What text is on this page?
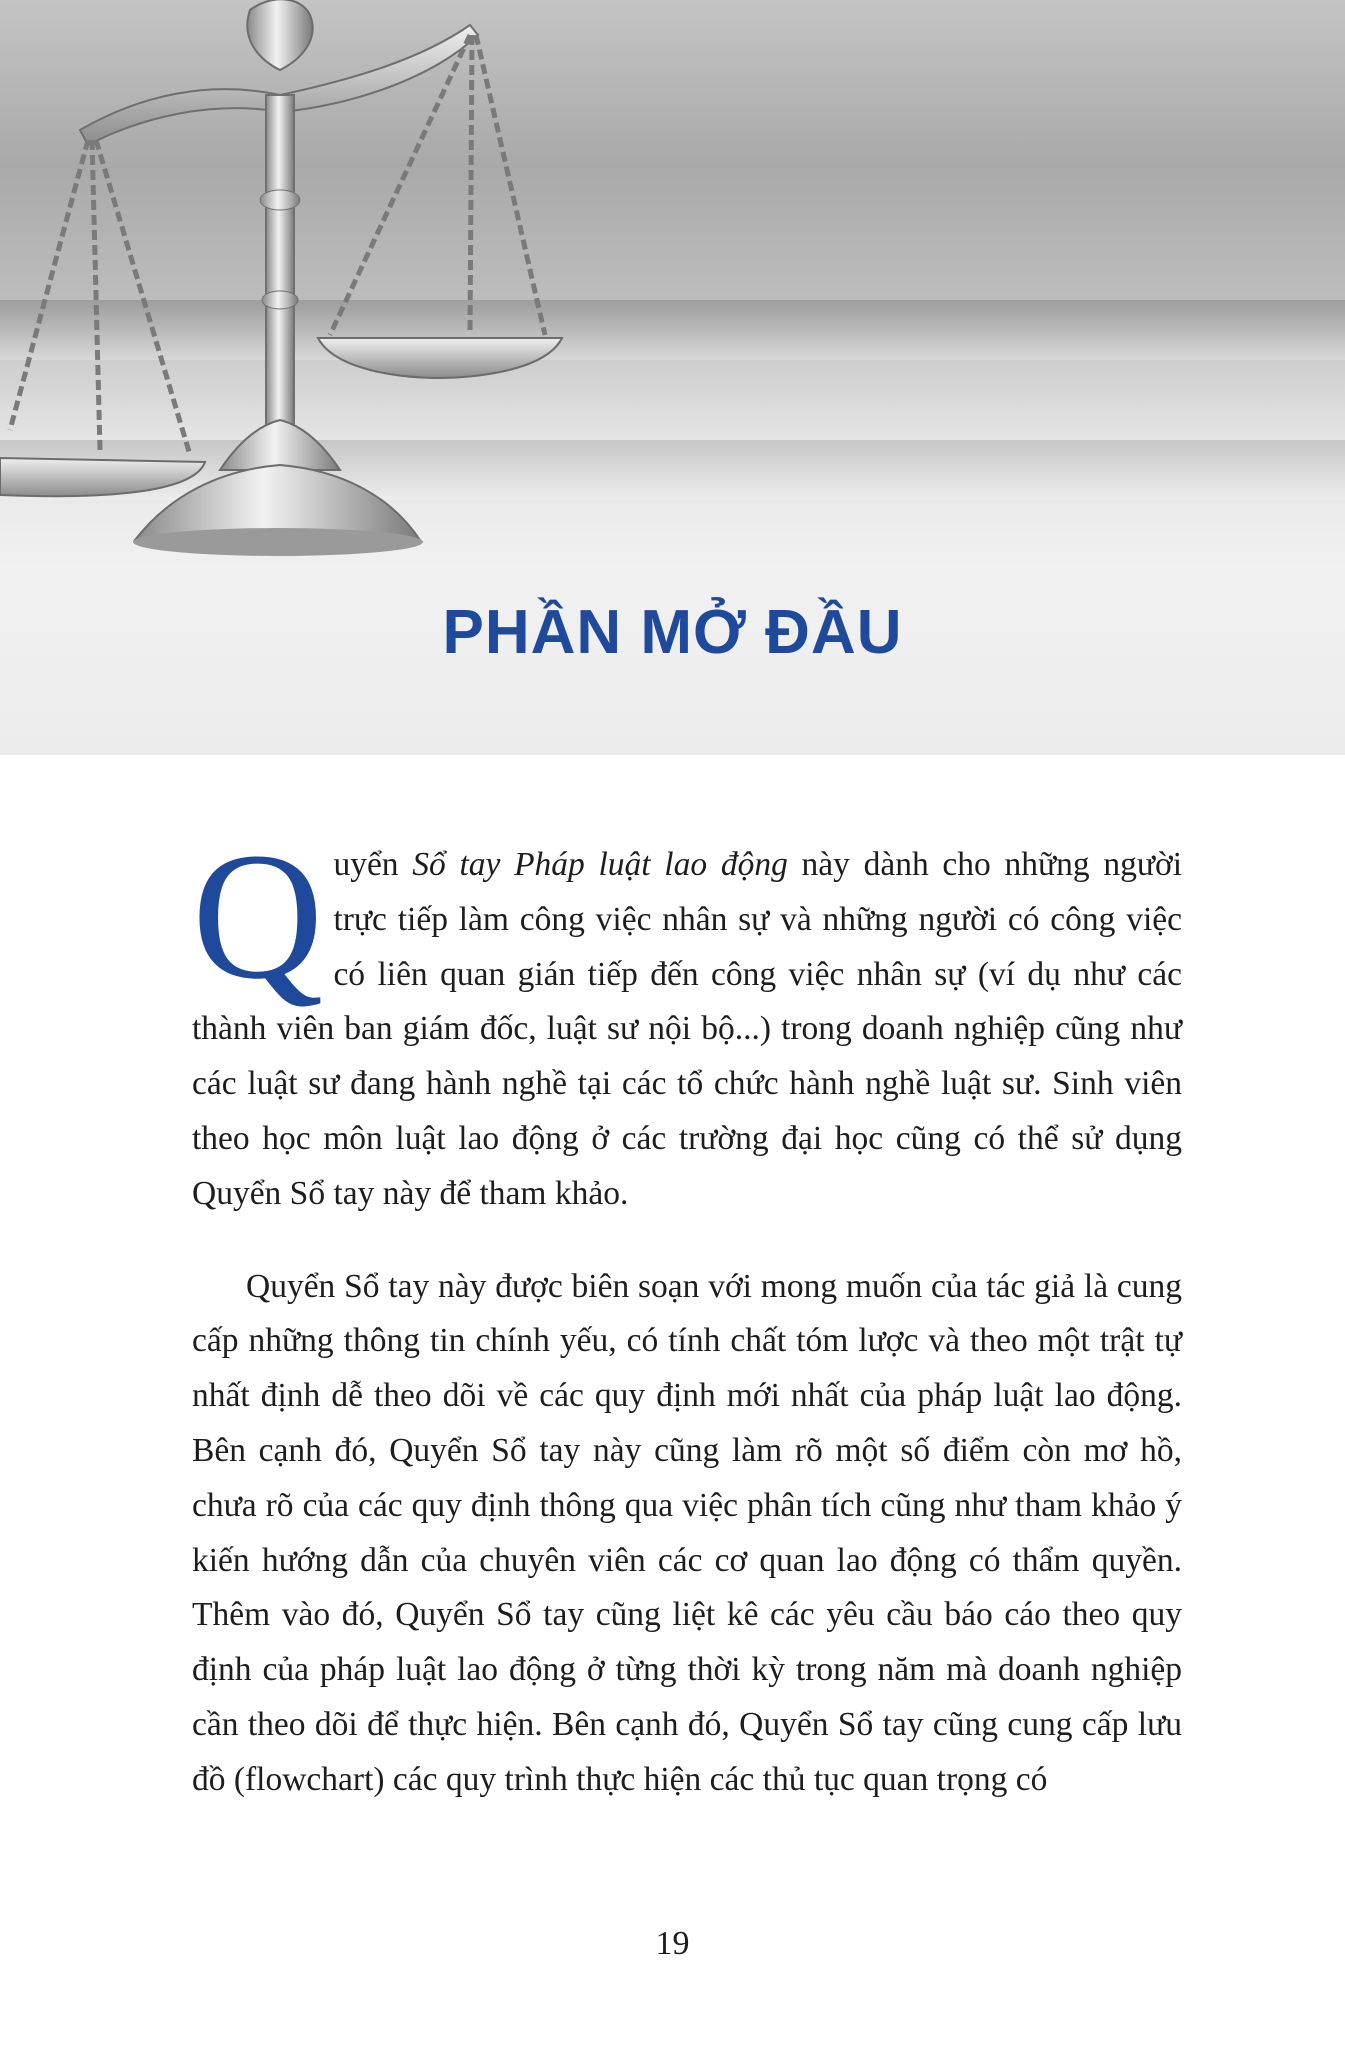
PHẦN MỞ ĐẦU

Quyển Sổ tay Pháp luật lao động này dành cho những người trực tiếp làm công việc nhân sự và những người có công việc có liên quan gián tiếp đến công việc nhân sự (ví dụ như các thành viên ban giám đốc, luật sư nội bộ...) trong doanh nghiệp cũng như các luật sư đang hành nghề tại các tổ chức hành nghề luật sư. Sinh viên theo học môn luật lao động ở các trường đại học cũng có thể sử dụng Quyển Sổ tay này để tham khảo.

Quyển Sổ tay này được biên soạn với mong muốn của tác giả là cung cấp những thông tin chính yếu, có tính chất tóm lược và theo một trật tự nhất định dễ theo dõi về các quy định mới nhất của pháp luật lao động. Bên cạnh đó, Quyển Sổ tay này cũng làm rõ một số điểm còn mơ hồ, chưa rõ của các quy định thông qua việc phân tích cũng như tham khảo ý kiến hướng dẫn của chuyên viên các cơ quan lao động có thẩm quyền. Thêm vào đó, Quyển Sổ tay cũng liệt kê các yêu cầu báo cáo theo quy định của pháp luật lao động ở từng thời kỳ trong năm mà doanh nghiệp cần theo dõi để thực hiện. Bên cạnh đó, Quyển Sổ tay cũng cung cấp lưu đồ (flowchart) các quy trình thực hiện các thủ tục quan trọng có

19
